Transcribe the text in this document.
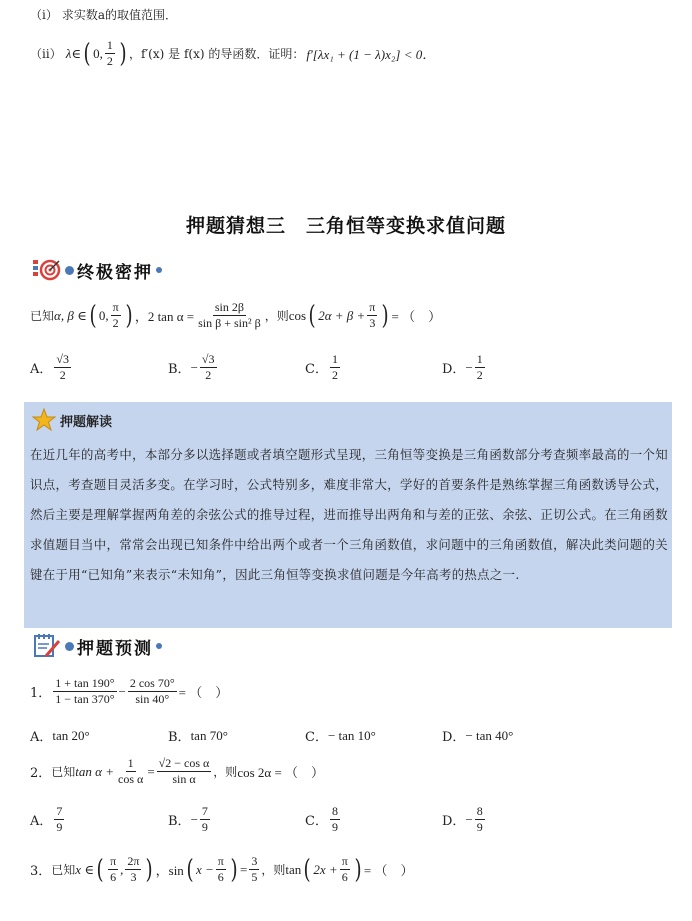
（ⅰ） 求实数a的取值范围．
（ⅱ） λ∈ ( 0, $\frac{1}{2}$ ) ，f′(x) 是 f(x) 的导函数．证明： f′[λx₁ + (1 − λ)x₂] < 0．
押题猜想三　三角恒等变换求值问题
终极密押
已知 α, β ∈ ( 0, $\frac{\pi}{2}$ ) ，2 $\tan \alpha = \frac{\sin 2\beta}{\text{sin β + sin² β}}$ ，则 cos ( $2\alpha + \beta + \frac{\pi}{3}$ ) = （　）
A． $\frac{√3}{2}$	B． − $\frac{√3}{2}$	C． $\frac{1}{2}$	D． − $\frac{1}{2}$
押题解读
在近几年的高考中，本部分多以选择题或者填空题形式呈现，三角恒等变换是三角函数部分考查频率最高的一个知识点，考查题目灵活多变。在学习时，公式特别多，难度非常大，学好的首要条件是熟练掌握三角函数诱导公式，然后主要是理解掌握两角差的余弦公式的推导过程，进而推导出两角和与差的正弦、余弦、正切公式。在三角函数求值题目当中，常常会出现已知条件中给出两个或者一个三角函数值，求问题中的三角函数值，解决此类问题的关键在于用“已知角”来表示“未知角”，因此三角恒等变换求值问题是今年高考的热点之一.
押题预测
1． $\frac{1 + \tan 190^\circ}{1 - \tan 370^\circ} - \frac{2 \cos 70^\circ}{\sin 40^\circ}$ = （　）
A． tan 20°	B． tan 70°	C． − tan 10°	D． − tan 40°
2． 已知 $\tan \alpha + \frac{1}{\text{cos α}} = \frac{\text{√2 − cos α}}{\text{sin α}}$ ，则 cos 2α = （　）
A． $\frac{7}{9}$	B． − $\frac{7}{9}$	C． $\frac{8}{9}$	D． − $\frac{8}{9}$
3． 已知 x ∈ ( $\frac{\pi}{6}$ , $\frac{2\pi}{3}$ ) ，sin ( $x - \frac{\pi}{6}$ ) = $\frac{3}{5}$ ，则 tan ( $2x + \frac{\pi}{6}$ ) = （　）
